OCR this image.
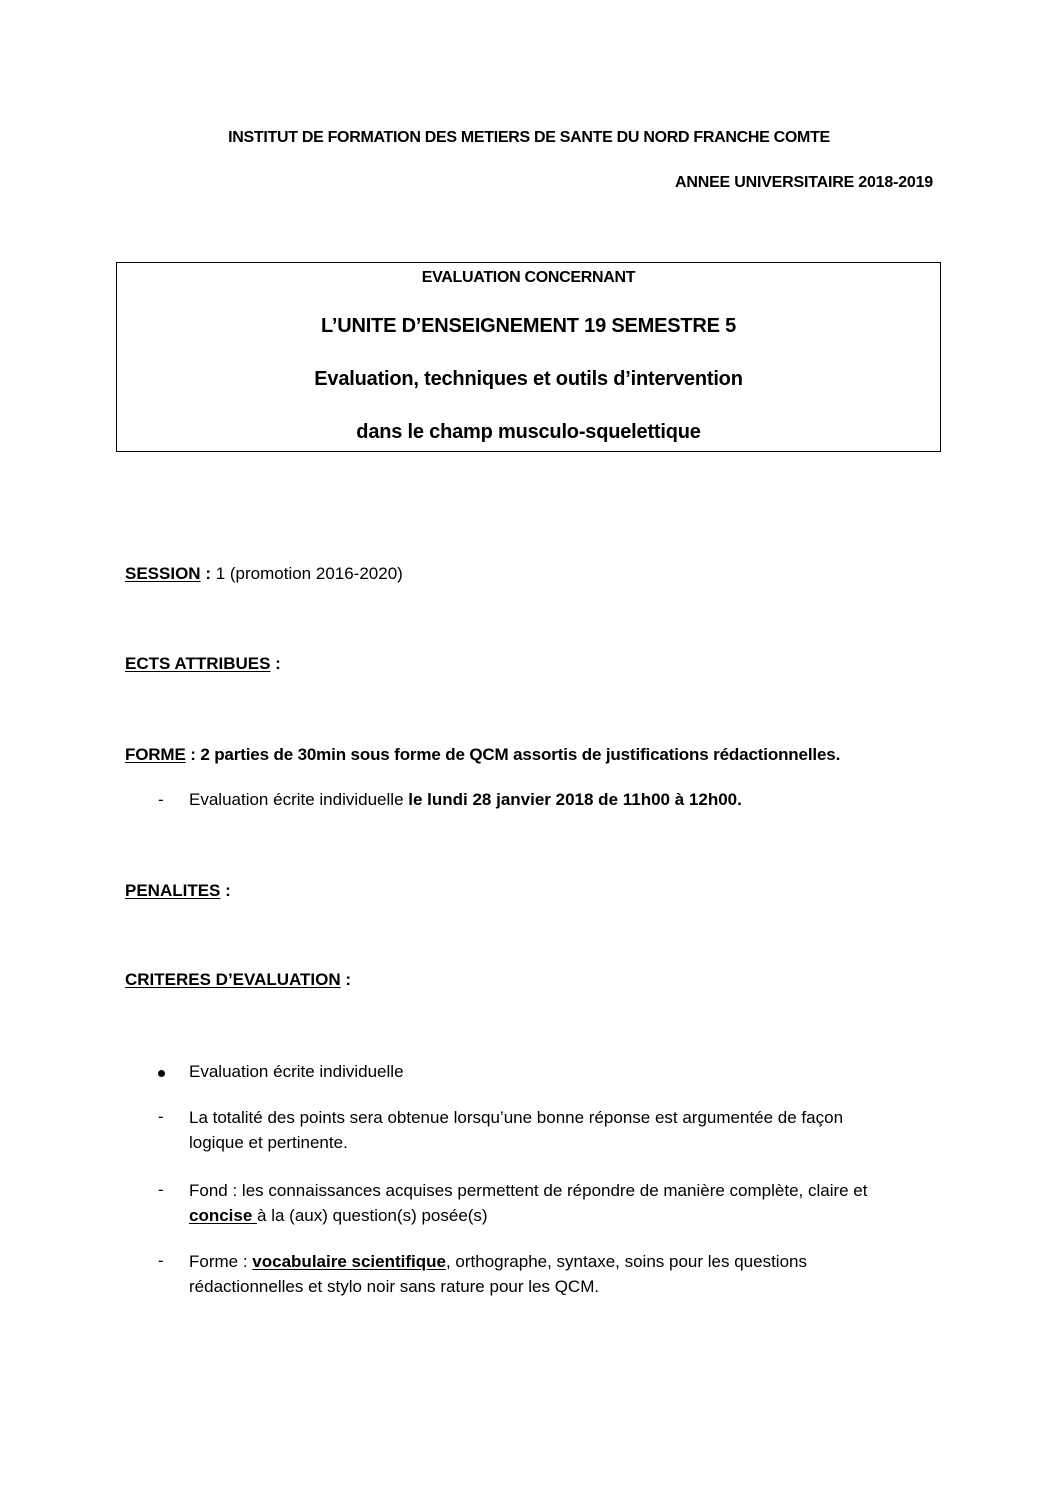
INSTITUT DE FORMATION DES METIERS DE SANTE DU NORD FRANCHE COMTE
ANNEE UNIVERSITAIRE 2018-2019
EVALUATION CONCERNANT
L’UNITE D’ENSEIGNEMENT 19 SEMESTRE 5
Evaluation, techniques et outils d’intervention
dans le champ musculo-squelettique
SESSION : 1 (promotion 2016-2020)
ECTS ATTRIBUES :
FORME : 2 parties de 30min sous forme de QCM assortis de justifications rédactionnelles.
- Evaluation écrite individuelle le lundi 28 janvier 2018 de 11h00 à 12h00.
PENALITES :
CRITERES D’EVALUATION :
Evaluation écrite individuelle
- La totalité des points sera obtenue lorsqu’une bonne réponse est argumentée de façon logique et pertinente.
- Fond : les connaissances acquises permettent de répondre de manière complète, claire et concise à la (aux) question(s) posée(s)
- Forme : vocabulaire scientifique, orthographe, syntaxe, soins pour les questions rédactionnelles et stylo noir sans rature pour les QCM.
